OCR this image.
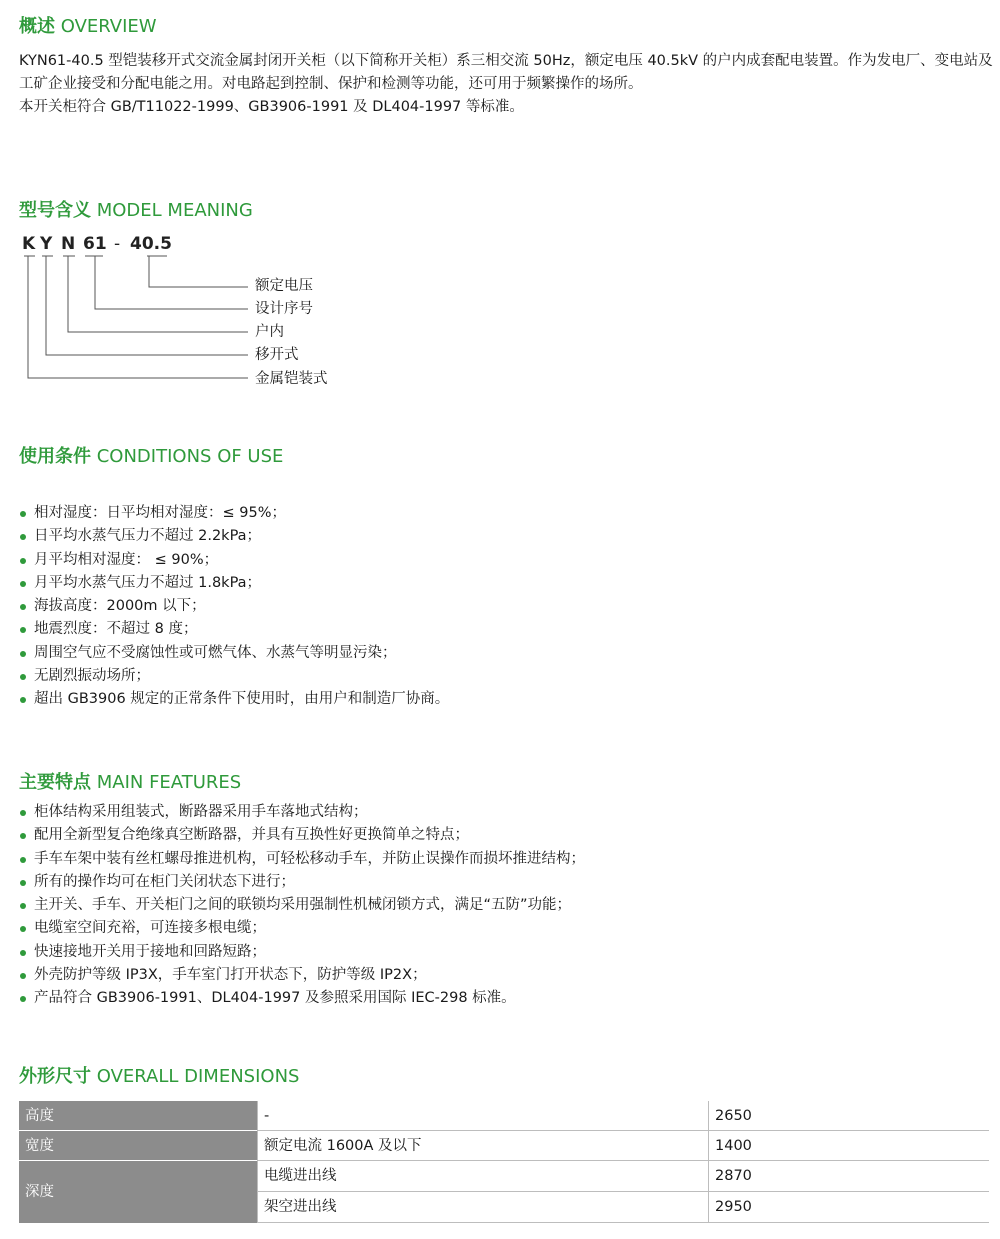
概述 OVERVIEW

KYN61-40.5 型铠装移开式交流金属封闭开关柜（以下简称开关柜）系三相交流 50Hz，额定电压 40.5kV 的户内成套配电装置。作为发电厂、变电站及工矿企业接受和分配电能之用。对电路起到控制、保护和检测等功能，还可用于频繁操作的场所。

本开关柜符合 GB/T11022-1999、GB3906-1991 及 DL404-1997 等标准。

型号含义 MODEL MEANING
K Y N 61 - 40.5
额定电压
设计序号
户内
移开式
金属铠装式
使用条件 CONDITIONS OF USE
相对湿度：日平均相对湿度：≤ 95%；
日平均水蒸气压力不超过 2.2kPa；
月平均相对湿度： ≤ 90%；
月平均水蒸气压力不超过 1.8kPa；
海拔高度：2000m 以下；
地震烈度：不超过 8 度；
周围空气应不受腐蚀性或可燃气体、水蒸气等明显污染；
无剧烈振动场所；
超出 GB3906 规定的正常条件下使用时，由用户和制造厂协商。
主要特点 MAIN FEATURES
柜体结构采用组装式，断路器采用手车落地式结构；
配用全新型复合绝缘真空断路器，并具有互换性好更换简单之特点；
手车车架中装有丝杠螺母推进机构，可轻松移动手车，并防止误操作而损坏推进结构；
所有的操作均可在柜门关闭状态下进行；
主开关、手车、开关柜门之间的联锁均采用强制性机械闭锁方式，满足“五防”功能；
电缆室空间充裕，可连接多根电缆；
快速接地开关用于接地和回路短路；
外壳防护等级 IP3X，手车室门打开状态下，防护等级 IP2X；
产品符合 GB3906-1991、DL404-1997 及参照采用国际 IEC-298 标准。
外形尺寸 OVERALL DIMENSIONS
高度
宽度
深度
-
额定电流 1600A 及以下
电缆进出线
架空进出线
2650
1400
2870
2950
